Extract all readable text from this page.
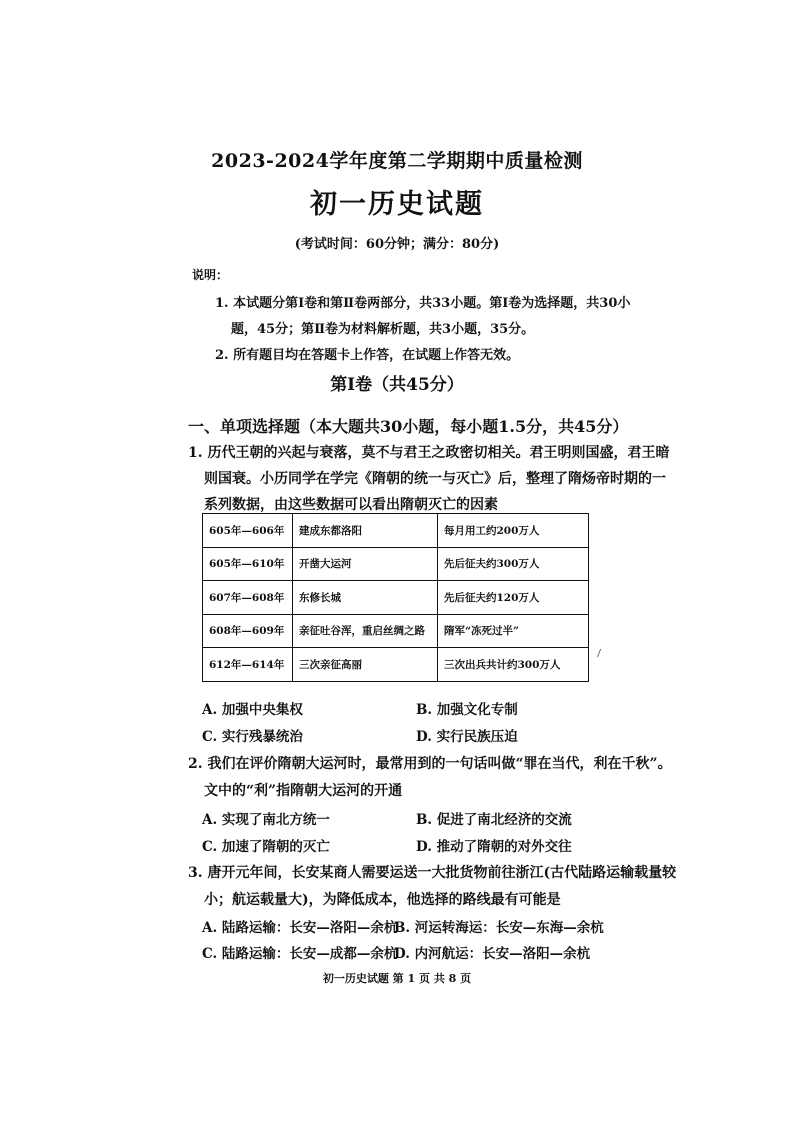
2023-2024学年度第二学期期中质量检测
初一历史试题
(考试时间：60分钟；满分：80分)
说明：
1. 本试题分第Ⅰ卷和第Ⅱ卷两部分，共33小题。第Ⅰ卷为选择题，共30小
题，45分；第Ⅱ卷为材料解析题，共3小题，35分。
2. 所有题目均在答题卡上作答，在试题上作答无效。
第Ⅰ卷（共45分）
一、单项选择题（本大题共30小题，每小题1.5分，共45分）
1. 历代王朝的兴起与衰落，莫不与君王之政密切相关。君王明则国盛，君王暗
则国衰。小历同学在学完《隋朝的统一与灭亡》后，整理了隋炀帝时期的一
系列数据，由这些数据可以看出隋朝灭亡的因素
605年—606年	建成东都洛阳	每月用工约200万人
605年—610年	开凿大运河	先后征夫约300万人
607年—608年	东修长城	先后征夫约120万人
608年—609年	亲征吐谷浑，重启丝绸之路	隋军“冻死过半”
612年—614年	三次亲征高丽	三次出兵共计约300万人
\
A. 加强中央集权	B. 加强文化专制
C. 实行残暴统治	D. 实行民族压迫
2. 我们在评价隋朝大运河时，最常用到的一句话叫做“罪在当代，利在千秋”。
文中的“利”指隋朝大运河的开通
A. 实现了南北方统一	B. 促进了南北经济的交流
C. 加速了隋朝的灭亡	D. 推动了隋朝的对外交往
3. 唐开元年间，长安某商人需要运送一大批货物前往浙江(古代陆路运输载量较
小；航运载量大)，为降低成本，他选择的路线最有可能是
A. 陆路运输：长安—洛阳—余杭
B. 河运转海运：长安—东海—余杭
C. 陆路运输：长安—成都—余杭
D. 内河航运：长安—洛阳—余杭
初一历史试题 第 1 页 共 8 页
